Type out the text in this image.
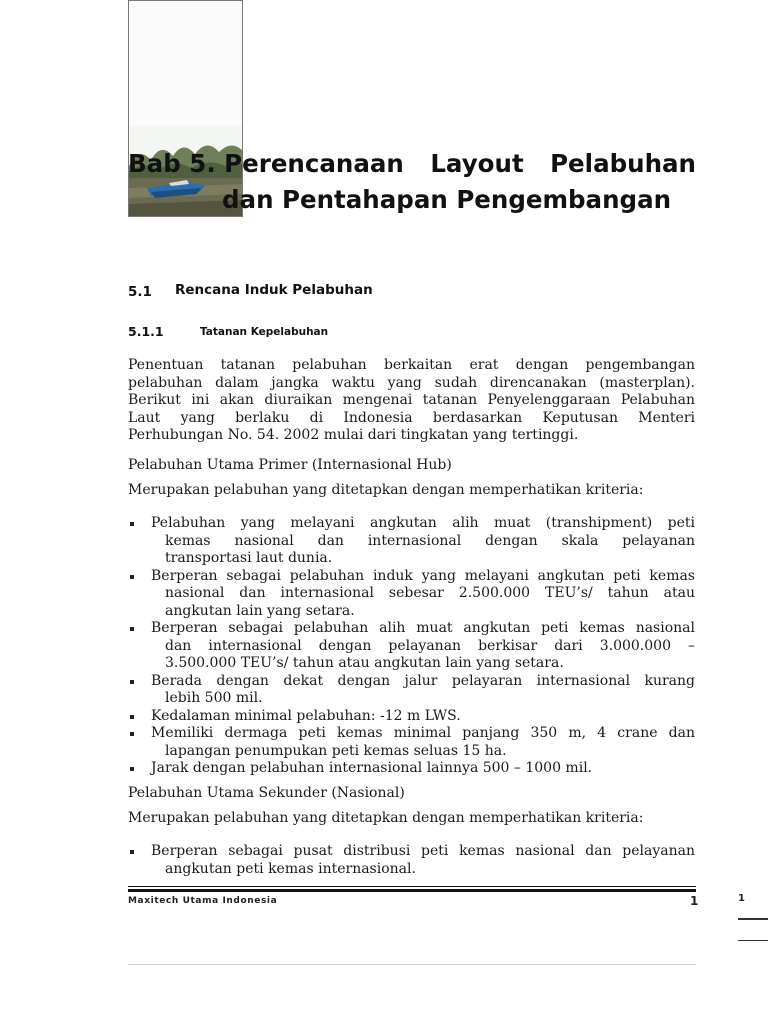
Bab 5. Perencanaan Layout Pelabuhan
dan Pentahapan Pengembangan
5.1 Rencana Induk Pelabuhan
5.1.1	Tatanan Kepelabuhan
Penentuan tatanan pelabuhan berkaitan erat dengan pengembangan
pelabuhan dalam jangka waktu yang sudah direncanakan (masterplan).
Berikut ini akan diuraikan mengenai tatanan Penyelenggaraan Pelabuhan
Laut yang berlaku di Indonesia berdasarkan Keputusan Menteri
Perhubungan No. 54. 2002 mulai dari tingkatan yang tertinggi.
Pelabuhan Utama Primer (Internasional Hub)
Merupakan pelabuhan yang ditetapkan dengan memperhatikan kriteria:
Pelabuhan yang melayani angkutan alih muat (transhipment) peti
kemas nasional dan internasional dengan skala pelayanan
transportasi laut dunia.
Berperan sebagai pelabuhan induk yang melayani angkutan peti kemas
nasional dan internasional sebesar 2.500.000 TEU’s/ tahun atau
angkutan lain yang setara.
Berperan sebagai pelabuhan alih muat angkutan peti kemas nasional
dan internasional dengan pelayanan berkisar dari 3.000.000 –
3.500.000 TEU’s/ tahun atau angkutan lain yang setara.
Berada dengan dekat dengan jalur pelayaran internasional kurang
lebih 500 mil.
Kedalaman minimal pelabuhan: -12 m LWS.
Memiliki dermaga peti kemas minimal panjang 350 m, 4 crane dan
lapangan penumpukan peti kemas seluas 15 ha.
Jarak dengan pelabuhan internasional lainnya 500 – 1000 mil.
Pelabuhan Utama Sekunder (Nasional)
Merupakan pelabuhan yang ditetapkan dengan memperhatikan kriteria:
Berperan sebagai pusat distribusi peti kemas nasional dan pelayanan
angkutan peti kemas internasional.
Maxitech Utama Indonesia	1	1
